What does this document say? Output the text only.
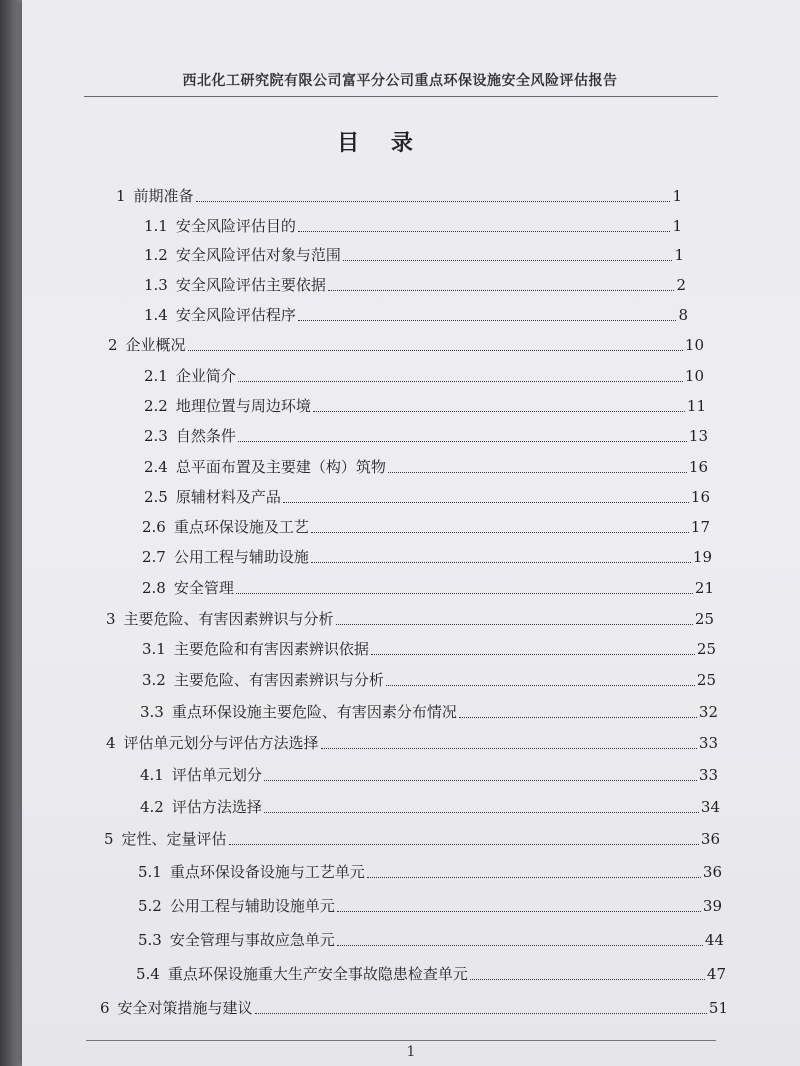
西北化工研究院有限公司富平分公司重点环保设施安全风险评估报告
目 录
1 前期准备	1
1.1 安全风险评估目的	1
1.2 安全风险评估对象与范围	1
1.3 安全风险评估主要依据	2
1.4 安全风险评估程序	8
2 企业概况	10
2.1 企业简介	10
2.2 地理位置与周边环境	11
2.3 自然条件	13
2.4 总平面布置及主要建（构）筑物	16
2.5 原辅材料及产品	16
2.6 重点环保设施及工艺	17
2.7 公用工程与辅助设施	19
2.8 安全管理	21
3 主要危险、有害因素辨识与分析	25
3.1 主要危险和有害因素辨识依据	25
3.2 主要危险、有害因素辨识与分析	25
3.3 重点环保设施主要危险、有害因素分布情况	32
4 评估单元划分与评估方法选择	33
4.1 评估单元划分	33
4.2 评估方法选择	34
5 定性、定量评估	36
5.1 重点环保设备设施与工艺单元	36
5.2 公用工程与辅助设施单元	39
5.3 安全管理与事故应急单元	44
5.4 重点环保设施重大生产安全事故隐患检查单元	47
6 安全对策措施与建议	51
1
